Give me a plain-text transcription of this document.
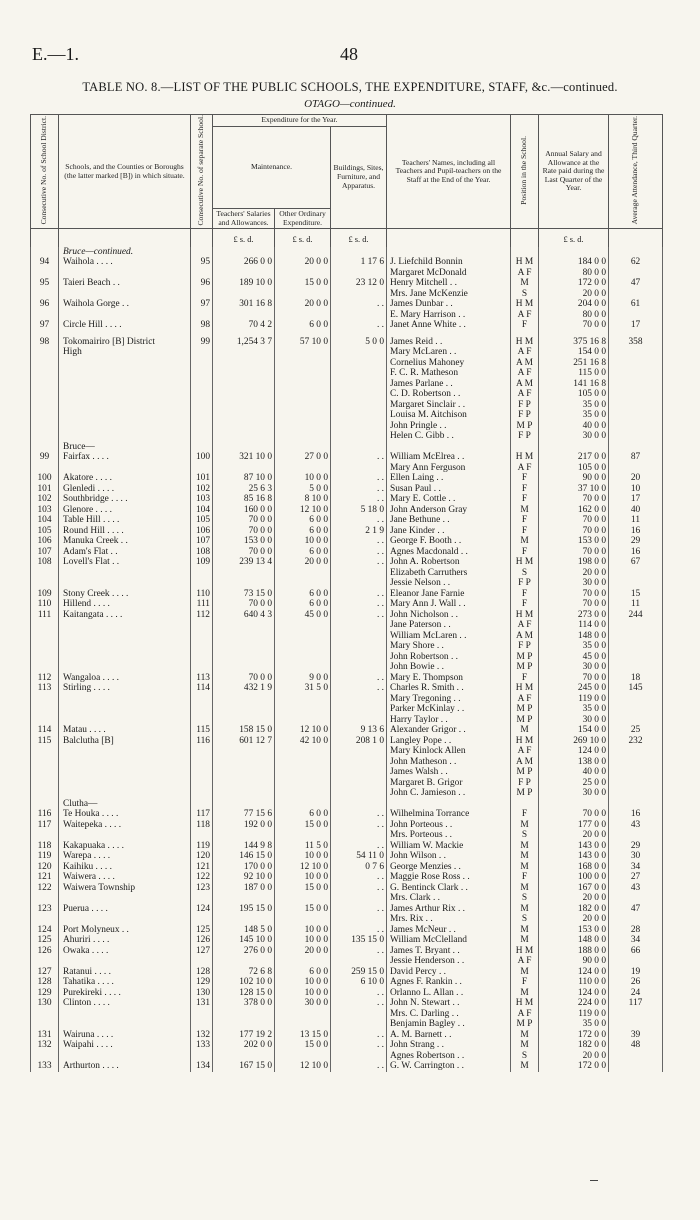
E.—1.	48
TABLE NO. 8.—LIST OF THE PUBLIC SCHOOLS, THE EXPENDITURE, STAFF, &c.—continued.
OTAGO—continued.
Consecutive No. of School District.	Schools, and the Counties or Boroughs (the latter marked [B]) in which situate.	Consecutive No. of separate School.	Expenditure for the Year.			Teachers' Names, including all Teachers and Pupil-teachers on the Staff at the End of the Year.	Position in the School.	Annual Salary and Allowance at the Rate paid during the Last Quarter of the Year.	Average Attendance, Third Quarter.
			Maintenance.		Buildings, Sites, Furniture, and Apparatus.				
			Teachers' Salaries and Allowances.	Other Ordinary Expenditure.					
			£ s. d.	£ s. d.	£ s. d.			£ s. d.	
	Bruce—continued.								
94	Waihola . . . .	95	266 0 0	20 0 0	1 17 6	J. Liefchild Bonnin	H M	184 0 0	62
						Margaret McDonald	A F	80 0 0	
95	Taieri Beach . .	96	189 10 0	15 0 0	23 12 0	Henry Mitchell . .	M	172 0 0	47
						Mrs. Jane McKenzie	S	20 0 0	
96	Waihola Gorge . .	97	301 16 8	20 0 0	. .	James Dunbar . .	H M	204 0 0	61
						E. Mary Harrison . .	A F	80 0 0	
97	Circle Hill . . . .	98	70 4 2	6 0 0	. .	Janet Anne White . .	F	70 0 0	17

98	Tokomairiro [B] District	99	1,254 3 7	57 10 0	5 0 0	James Reid . .	H M	375 16 8	358
	High					Mary McLaren . .	A F	154 0 0	
						Cornelius Mahoney	A M	251 16 8	
						F. C. R. Matheson	A F	115 0 0	
						James Parlane . .	A M	141 16 8	
						C. D. Robertson . .	A F	105 0 0	
						Margaret Sinclair . .	F P	35 0 0	
						Louisa M. Aitchison	F P	35 0 0	
						John Pringle . .	M P	40 0 0	
						Helen C. Gibb . .	F P	30 0 0	
	Bruce—								
99	Fairfax . . . .	100	321 10 0	27 0 0	. .	William McElrea . .	H M	217 0 0	87
						Mary Ann Ferguson	A F	105 0 0	
100	Akatore . . . .	101	87 10 0	10 0 0	. .	Ellen Laing . .	F	90 0 0	20
101	Glenledi . . . .	102	25 6 3	5 0 0	. .	Susan Paul . .	F	37 10 0	10
102	Southbridge . . . .	103	85 16 8	8 10 0	. .	Mary E. Cottle . .	F	70 0 0	17
103	Glenore . . . .	104	160 0 0	12 10 0	5 18 0	John Anderson Gray	M	162 0 0	40
104	Table Hill . . . .	105	70 0 0	6 0 0	. .	Jane Bethune . .	F	70 0 0	11
105	Round Hill . . . .	106	70 0 0	6 0 0	2 1 9	Jane Kinder . .	F	70 0 0	16
106	Manuka Creek . .	107	153 0 0	10 0 0	. .	George F. Booth . .	M	153 0 0	29
107	Adam's Flat . .	108	70 0 0	6 0 0	. .	Agnes Macdonald . .	F	70 0 0	16
108	Lovell's Flat . .	109	239 13 4	20 0 0	. .	John A. Robertson	H M	198 0 0	67
						Elizabeth Carruthers	S	20 0 0	
						Jessie Nelson . .	F P	30 0 0	
109	Stony Creek . . . .	110	73 15 0	6 0 0	. .	Eleanor Jane Farnie	F	70 0 0	15
110	Hillend . . . .	111	70 0 0	6 0 0	. .	Mary Ann J. Wall . .	F	70 0 0	11
111	Kaitangata . . . .	112	640 4 3	45 0 0	. .	John Nicholson . .	H M	273 0 0	244
						Jane Paterson . .	A F	114 0 0	
						William McLaren . .	A M	148 0 0	
						Mary Shore . .	F P	35 0 0	
						John Robertson . .	M P	45 0 0	
						John Bowie . .	M P	30 0 0	
112	Wangaloa . . . .	113	70 0 0	9 0 0	. .	Mary E. Thompson	F	70 0 0	18
113	Stirling . . . .	114	432 1 9	31 5 0	. .	Charles R. Smith . .	H M	245 0 0	145
						Mary Tregoning . .	A F	119 0 0	
						Parker McKinlay . .	M P	35 0 0	
						Harry Taylor . .	M P	30 0 0	
114	Matau . . . .	115	158 15 0	12 10 0	9 13 6	Alexander Grigor . .	M	154 0 0	25
115	Balclutha [B]	116	601 12 7	42 10 0	208 1 0	Langley Pope . .	H M	269 10 0	232
						Mary Kinlock Allen	A F	124 0 0	
						John Matheson . .	A M	138 0 0	
						James Walsh . .	M P	40 0 0	
						Margaret B. Grigor	F P	25 0 0	
						John C. Jamieson . .	M P	30 0 0	
	Clutha—								
116	Te Houka . . . .	117	77 15 6	6 0 0	. .	Wilhelmina Torrance	F	70 0 0	16
117	Waitepeka . . . .	118	192 0 0	15 0 0	. .	John Porteous . .	M	177 0 0	43
						Mrs. Porteous . .	S	20 0 0	
118	Kakapuaka . . . .	119	144 9 8	11 5 0	. .	William W. Mackie	M	143 0 0	29
119	Warepa . . . .	120	146 15 0	10 0 0	54 11 0	John Wilson . .	M	143 0 0	30
120	Kaihiku . . . .	121	170 0 0	12 10 0	0 7 6	George Menzies . .	M	168 0 0	34
121	Waiwera . . . .	122	92 10 0	10 0 0	. .	Maggie Rose Ross . .	F	100 0 0	27
122	Waiwera Township	123	187 0 0	15 0 0	. .	G. Bentinck Clark . .	M	167 0 0	43
						Mrs. Clark . .	S	20 0 0	
123	Puerua . . . .	124	195 15 0	15 0 0	. .	James Arthur Rix . .	M	182 0 0	47
						Mrs. Rix . .	S	20 0 0	
124	Port Molyneux . .	125	148 5 0	10 0 0	. .	James McNeur . .	M	153 0 0	28
125	Ahuriri . . . .	126	145 10 0	10 0 0	135 15 0	William McClelland	M	148 0 0	34
126	Owaka . . . .	127	276 0 0	20 0 0	. .	James T. Bryant . .	H M	188 0 0	66
						Jessie Henderson . .	A F	90 0 0	
127	Ratanui . . . .	128	72 6 8	6 0 0	259 15 0	David Percy . .	M	124 0 0	19
128	Tahatika . . . .	129	102 10 0	10 0 0	6 10 0	Agnes F. Rankin . .	F	110 0 0	26
129	Purekireki . . . .	130	128 15 0	10 0 0	. .	Orlanno L. Allan . .	M	124 0 0	24
130	Clinton . . . .	131	378 0 0	30 0 0	. .	John N. Stewart . .	H M	224 0 0	117
						Mrs. C. Darling . .	A F	119 0 0	
						Benjamin Bagley . .	M P	35 0 0	
131	Wairuna . . . .	132	177 19 2	13 15 0	. .	A. M. Barnett . .	M	172 0 0	39
132	Waipahi . . . .	133	202 0 0	15 0 0	. .	John Strang . .	M	182 0 0	48
						Agnes Robertson . .	S	20 0 0	
133	Arthurton . . . .	134	167 15 0	12 10 0	. .	G. W. Carrington . .	M	172 0 0	
